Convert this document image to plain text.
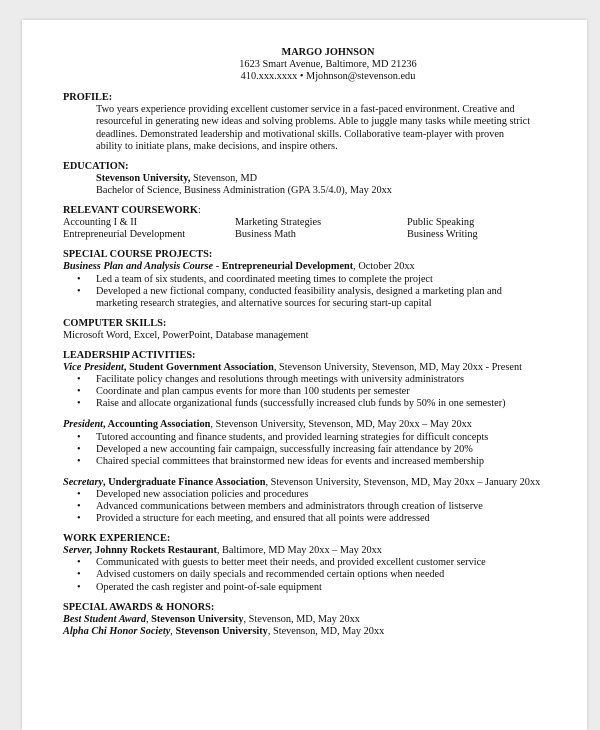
MARGO JOHNSON
1623 Smart Avenue, Baltimore, MD 21236
410.xxx.xxxx • Mjohnson@stevenson.edu
PROFILE:
Two years experience providing excellent customer service in a fast-paced environment. Creative and
resourceful in generating new ideas and solving problems. Able to juggle many tasks while meeting strict
deadlines. Demonstrated leadership and motivational skills. Collaborative team-player with proven
ability to initiate plans, make decisions, and inspire others.
EDUCATION:
Stevenson University, Stevenson, MD
Bachelor of Science, Business Administration (GPA 3.5/4.0), May 20xx
RELEVANT COURSEWORK:
Accounting I & II	Marketing Strategies	Public Speaking
Entrepreneurial Development	Business Math	Business Writing
SPECIAL COURSE PROJECTS:
Business Plan and Analysis Course - Entrepreneurial Development, October 20xx
• Led a team of six students, and coordinated meeting times to complete the project
• Developed a new fictional company, conducted feasibility analysis, designed a marketing plan and
marketing research strategies, and alternative sources for securing start-up capital
COMPUTER SKILLS:
Microsoft Word, Excel, PowerPoint, Database management
LEADERSHIP ACTIVITIES:
Vice President, Student Government Association, Stevenson University, Stevenson, MD, May 20xx - Present
• Facilitate policy changes and resolutions through meetings with university administrators
• Coordinate and plan campus events for more than 100 students per semester
• Raise and allocate organizational funds (successfully increased club funds by 50% in one semester)
President, Accounting Association, Stevenson University, Stevenson, MD, May 20xx – May 20xx
• Tutored accounting and finance students, and provided learning strategies for difficult concepts
• Developed a new accounting fair campaign, successfully increasing fair attendance by 20%
• Chaired special committees that brainstormed new ideas for events and increased membership
Secretary, Undergraduate Finance Association, Stevenson University, Stevenson, MD, May 20xx – January 20xx
• Developed new association policies and procedures
• Advanced communications between members and administrators through creation of listserve
• Provided a structure for each meeting, and ensured that all points were addressed
WORK EXPERIENCE:
Server, Johnny Rockets Restaurant, Baltimore, MD May 20xx – May 20xx
• Communicated with guests to better meet their needs, and provided excellent customer service
• Advised customers on daily specials and recommended certain options when needed
• Operated the cash register and point-of-sale equipment
SPECIAL AWARDS & HONORS:
Best Student Award, Stevenson University, Stevenson, MD, May 20xx
Alpha Chi Honor Society, Stevenson University, Stevenson, MD, May 20xx
